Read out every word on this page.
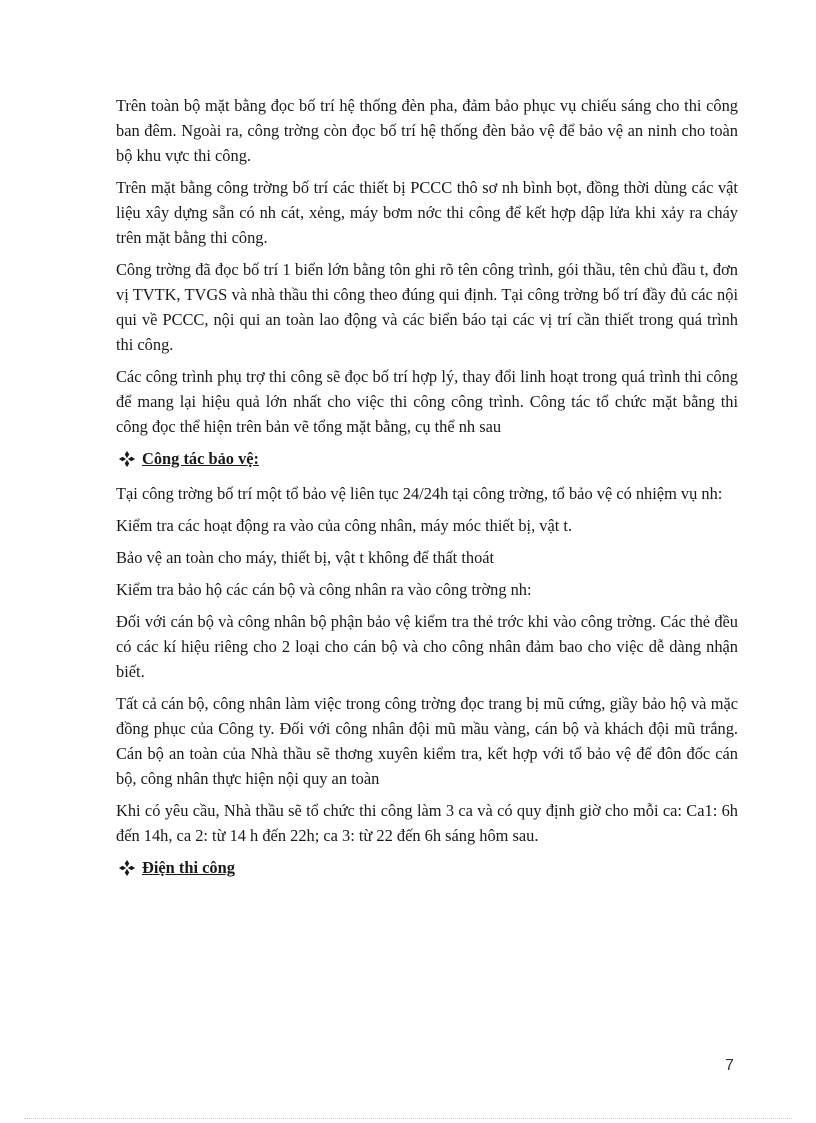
Trên toàn bộ mặt bằng đọc bố trí hệ thống đèn pha, đảm bảo phục vụ chiếu sáng cho thi công ban đêm. Ngoài ra, công trờng còn đọc bố trí hệ thống đèn bảo vệ để bảo vệ an ninh cho toàn bộ khu vực thi công.

Trên mặt bằng công trờng bố trí các thiết bị PCCC thô sơ nh bình bọt, đồng thời dùng các vật liệu xây dựng sẵn có nh cát, xẻng, máy bơm nớc thi công để kết hợp dập lửa khi xảy ra cháy trên mặt bằng thi công.

Công trờng đã đọc bố trí 1 biển lớn bằng tôn ghi rõ tên công trình, gói thầu, tên chủ đầu t, đơn vị TVTK, TVGS và nhà thầu thi công theo đúng qui định. Tại công trờng bố trí đầy đủ các nội qui về PCCC, nội qui an toàn lao động và các biển báo tại các vị trí cần thiết trong quá trình thi công.

Các công trình phụ trợ thi công sẽ đọc bố trí hợp lý, thay đổi linh hoạt trong quá trình thi công để mang lại hiệu quả lớn nhất cho việc thi công công trình. Công tác tổ chức mặt bằng thi công đọc thể hiện trên bản vẽ tổng mặt bằng, cụ thể nh sau

Công tác bảo vệ:

Tại công trờng bố trí một tổ bảo vệ liên tục 24/24h tại công trờng, tổ bảo vệ có nhiệm vụ nh:

Kiểm tra các hoạt động ra vào của công nhân, máy móc thiết bị, vật t.

Bảo vệ an toàn cho máy, thiết bị, vật t không để thất thoát

Kiểm tra bảo hộ các cán bộ và công nhân ra vào công trờng nh:

Đối với cán bộ và công nhân bộ phận bảo vệ kiểm tra thẻ trớc khi vào công trờng. Các thẻ đều có các kí hiệu riêng cho 2 loại cho cán bộ và cho công nhân đảm bao cho việc dễ dàng nhận biết.

Tất cả cán bộ, công nhân làm việc trong công trờng đọc trang bị mũ cứng, giầy bảo hộ và mặc đồng phục của Công ty. Đối với công nhân đội mũ mầu vàng, cán bộ và khách đội mũ trắng. Cán bộ an toàn của Nhà thầu sẽ thơng xuyên kiểm tra, kết hợp với tổ bảo vệ để đôn đốc cán bộ, công nhân thực hiện nội quy an toàn

Khi có yêu cầu, Nhà thầu sẽ tổ chức thi công làm 3 ca và có quy định giờ cho mỗi ca: Ca1: 6h đến 14h, ca 2: từ 14 h đến 22h; ca 3: từ 22 đến 6h sáng hôm sau.

Điện thi công
7
